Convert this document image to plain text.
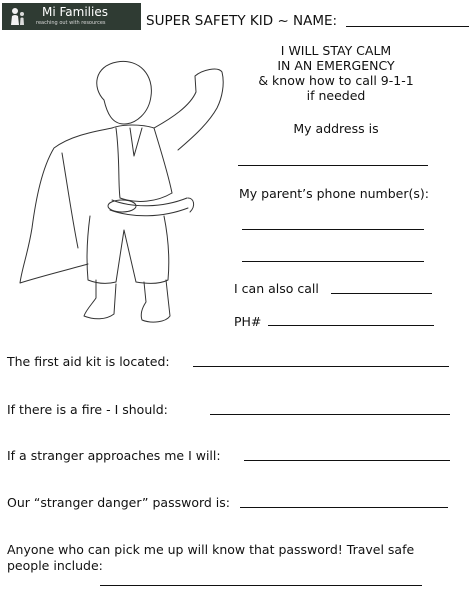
Mi Families
reaching out with resources	SUPER SAFETY KID ~ NAME:
I WILL STAY CALM
IN AN EMERGENCY
& know how to call 9-1-1
if needed
My address is
My parent’s phone number(s):
I can also call
PH#
The first aid kit is located:
If there is a fire - I should:
If a stranger approaches me I will:
Our “stranger danger” password is:
Anyone who can pick me up will know that password! Travel safe
people include:
